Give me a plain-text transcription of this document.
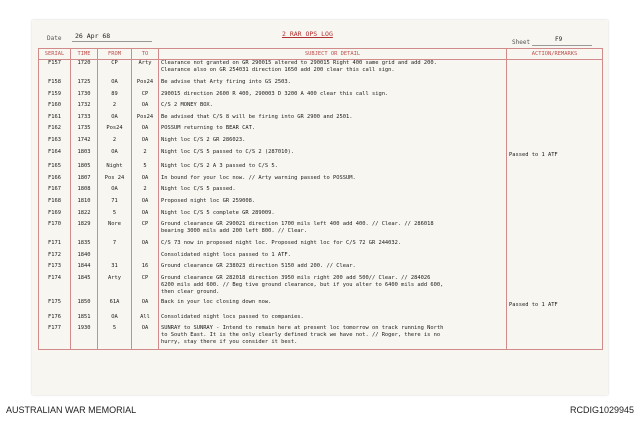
Date 26 Apr 68	2 RAR OPS LOG
Sheet	F9
SERIAL	TIME	FROM	TO	SUBJECT OR DETAIL	ACTION/REMARKS
F157	1720	CP	Arty	Clearance not granted on GR 290015 altered to 290015 Right 400 same grid and add 200.
Clearance also on GR 254031 direction 1650 add 200 clear this call sign.	

F158	1725	OA	Pos24	Be advise that Arty firing into GS 2503.	

F159	1730	89	CP	290015 direction 2600 R 400, 290003 D 3200 A 400 clear this call sign.	

F160	1732	2	OA	C/S 2 MONEY BOX.	

F161	1733	OA	Pos24	Be advised that C/S 8 will be firing into GR 2900 and 2501.	

F162	1735	Pos24	OA	POSSUM returning to BEAR CAT.	

F163	1742	2	OA	Night loc C/S 2 GR 286023.	

F164	1803	OA	2	Night loc C/S 5 passed to C/S 2 (287010).	Passed to 1 ATF
F165	1805	Night	5	Night loc C/S 2 A 3 passed to C/S 5.	

F166	1807	Pos 24	OA	In bound for your loc now. // Arty warning passed to POSSUM.	

F167	1808	OA	2	Night loc C/S 5 passed.	

F168	1810	71	OA	Proposed night loc GR 259008.	

F169	1822	5	OA	Night loc C/S 5 complete GR 289009.	

F170	1829	Nore	CP	Ground clearance GR 290021 direction 1700 mils left 400 add 400. // Clear. // 286018
bearing 3000 mils add 200 left 800. // Clear.	

F171	1835	7	OA	C/S 73 now in proposed night loc. Proposed night loc for C/S 72 GR 244032.	

F172	1840			Consolidated night locs passed to 1 ATF.	

F173	1844	31	16	Ground clearance GR 238023 direction 5150 add 200. // Clear.	

F174	1845	Arty	CP	Ground clearance GR 282018 direction 3950 mils right 200 add 500// Clear. // 284026
6200 mils add 600. // Beg tive ground clearance, but if you alter to 6400 mils add 600,
then clear ground.	

F175	1850	61A	OA	Back in your loc closing down now.	Passed to 1 ATF
F176	1851	OA	All	Consolidated night locs passed to companies.	

F177	1930	5	OA	SUNRAY to SUNRAY - Intend to remain here at present loc tomorrow on track running North
to South East. It is the only clearly defined track we have not. // Roger, there is no
hurry, stay there if you consider it best.	

AUSTRALIAN WAR MEMORIAL	RCDIG1029945
